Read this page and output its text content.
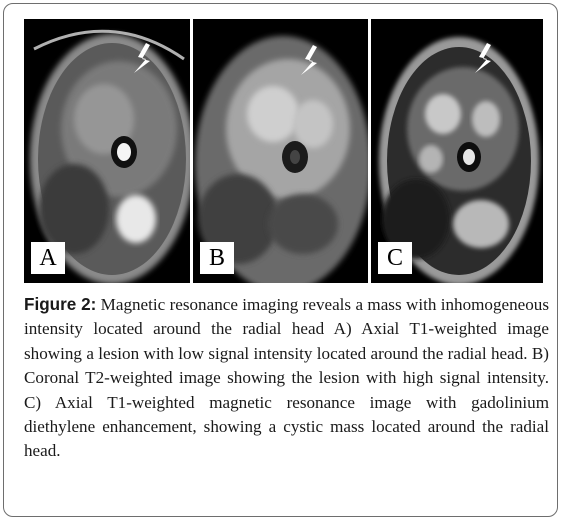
A	B	C

Figure 2: Magnetic resonance imaging reveals a mass with inhomogeneous intensity located around the radial head A) Axial T1-weighted image showing a lesion with low signal intensity located around the radial head. B) Coronal T2-weighted image showing the lesion with high signal intensity. C) Axial T1-weighted magnetic resonance image with gadolinium diethylene enhancement, showing a cystic mass located around the radial head.
